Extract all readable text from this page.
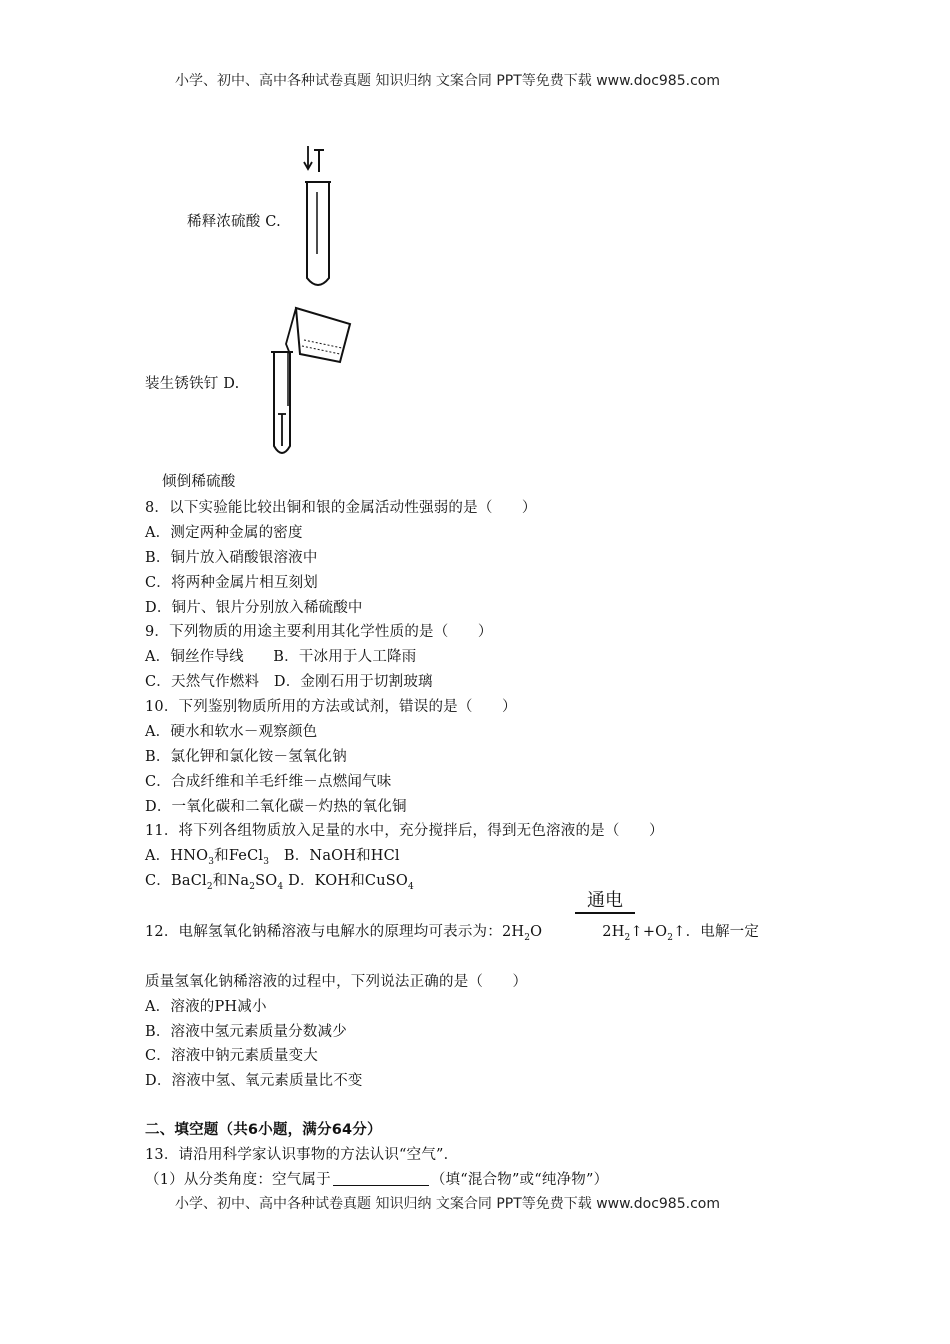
小学、初中、高中各种试卷真题 知识归纳 文案合同 PPT等免费下载 www.doc985.com
稀释浓硫酸 C.
装生锈铁钉 D.
倾倒稀硫酸
8．以下实验能比较出铜和银的金属活动性强弱的是（　　）
A．测定两种金属的密度
B．铜片放入硝酸银溶液中
C．将两种金属片相互刻划
D．铜片、银片分别放入稀硫酸中
9．下列物质的用途主要利用其化学性质的是（　　）
A．铜丝作导线　　B．干冰用于人工降雨
C．天然气作燃料　D．金刚石用于切割玻璃
10．下列鉴别物质所用的方法或试剂，错误的是（　　）
A．硬水和软水－观察颜色
B．氯化钾和氯化铵－氢氧化钠
C．合成纤维和羊毛纤维－点燃闻气味
D．一氧化碳和二氧化碳－灼热的氧化铜
11．将下列各组物质放入足量的水中，充分搅拌后，得到无色溶液的是（　　）
A．$HNO_3$和FeCl$_3$　B．NaOH和HCl
C．BaCl$_2$和$Na_2SO_4$ D．KOH和CuSO$_4$
通电
12．电解氢氧化钠稀溶液与电解水的原理均可表示为：$2H_2O$	$2H_2↑+O_2↑$．电解一定
质量氢氧化钠稀溶液的过程中，下列说法正确的是（　　）
A．溶液的PH减小
B．溶液中氢元素质量分数减少
C．溶液中钠元素质量变大
D．溶液中氢、氧元素质量比不变
二、填空题（共6小题，满分64分）
13．请沿用科学家认识事物的方法认识“空气”．
（1）从分类角度：空气属于	（填“混合物”或“纯净物”）
小学、初中、高中各种试卷真题 知识归纳 文案合同 PPT等免费下载 www.doc985.com
